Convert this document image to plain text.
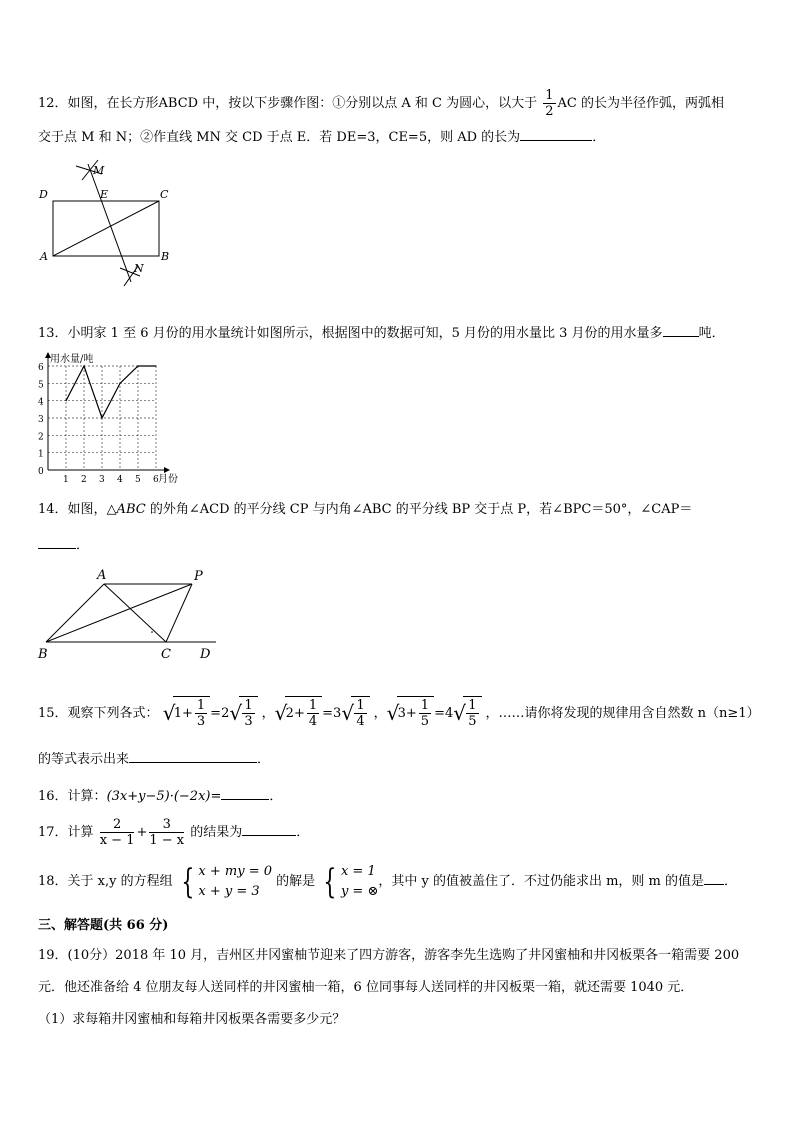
12．如图，在长方形ABCD 中，按以下步骤作图：①分别以点 A 和 C 为圆心，以大于 $\frac{1}{2}$ AC 的长为半径作弧，两弧相
交于点 M 和 N；②作直线 MN 交 CD 于点 E．若 DE=3，CE=5，则 AD 的长为	．
D	E	C
A	B
M
N
13．小明家 1 至 6 月份的用水量统计如图所示，根据图中的数据可知，5 月份的用水量比 3 月份的用水量多	吨．
0
1
2
3
4
5
6
1 2 3 4 5 6
用水量/吨
月份
14．如图，△ABC 的外角∠ACD 的平分线 CP 与内角∠ABC 的平分线 BP 交于点 P，若∠BPC＝50°，∠CAP＝
．
A	P
B	C D
15．观察下列各式： √
$1+ \frac{1}{3} =2$ √ $\frac{1}{3}$ ， √
$2+ \frac{1}{4} =3$ √ $\frac{1}{4}$ ， √
$3+ \frac{1}{5} =4$ √ $\frac{1}{5}$ ，……请你将发现的规律用含自然数 n（n≥1）
的等式表示出来	．
16．计算：(3x+y−5)·(−2x)=	．
17．计算 $\frac{2}{x - 1} + \frac{3}{1 - x}$ 的结果为	．
18．关于 x,y 的方程组 { x + my = 0
x + y = 3
的解是 { x = 1
y = ⊗
，其中 y 的值被盖住了．不过仍能求出 m，则 m 的值是 ．
三、解答题(共 66 分)
19．(10分）2018 年 10 月，吉州区井冈蜜柚节迎来了四方游客，游客李先生选购了井冈蜜柚和井冈板栗各一箱需要 200
元．他还准备给 4 位朋友每人送同样的井冈蜜柚一箱，6 位同事每人送同样的井冈板栗一箱，就还需要 1040 元．
（1）求每箱井冈蜜柚和每箱井冈板栗各需要多少元？
